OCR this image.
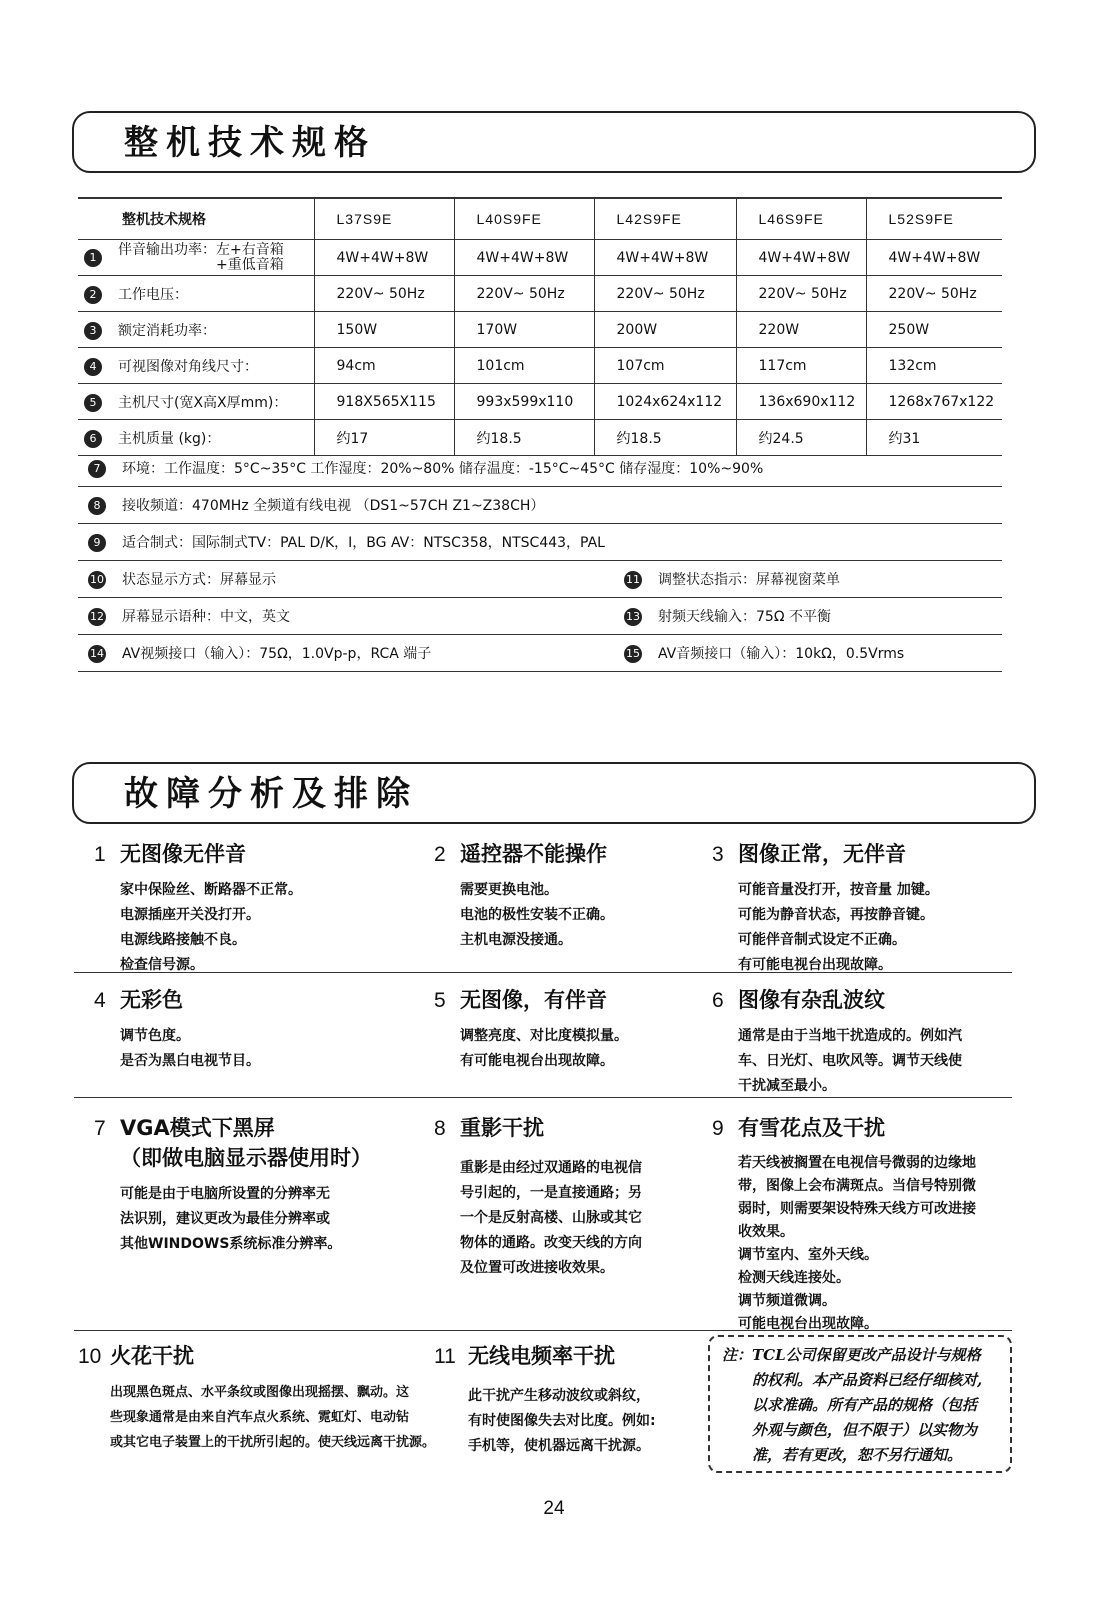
整机技术规格
整机技术规格	L37S9E	L40S9FE	L42S9FE	L46S9FE	L52S9FE
1 伴音输出功率：左+右音箱
+重低音箱	4W+4W+8W	4W+4W+8W	4W+4W+8W	4W+4W+8W	4W+4W+8W
2 工作电压：	220V~ 50Hz	220V~ 50Hz	220V~ 50Hz	220V~ 50Hz	220V~ 50Hz
3 额定消耗功率：	150W	170W	200W	220W	250W
4 可视图像对角线尺寸：	94cm	101cm	107cm	117cm	132cm
5 主机尺寸(宽X高X厚mm)：	918X565X115	993x599x110	1024x624x112	136x690x112	1268x767x122
6 主机质量 (kg)：	约17	约18.5	约18.5	约24.5	约31
7 环境：工作温度：5°C~35°C 工作湿度：20%~80% 储存温度：-15°C~45°C 储存湿度：10%~90%
8 接收频道：470MHz 全频道有线电视 （DS1~57CH Z1~Z38CH）
9 适合制式：国际制式TV：PAL D/K，I，BG AV：NTSC358，NTSC443，PAL
10 状态显示方式：屏幕显示	11 调整状态指示：屏幕视窗菜单
12 屏幕显示语种：中文，英文	13 射频天线输入：75Ω 不平衡
14 AV视频接口（输入）：75Ω，1.0Vp-p，RCA 端子	15 AV音频接口（输入）：10kΩ，0.5Vrms
故障分析及排除
1 无图像无伴音
家中保险丝、断路器不正常。
电源插座开关没打开。
电源线路接触不良。
检查信号源。
2 遥控器不能操作
需要更换电池。
电池的极性安装不正确。
主机电源没接通。
3 图像正常，无伴音
可能音量没打开，按音量 加键。
可能为静音状态，再按静音键。
可能伴音制式设定不正确。
有可能电视台出现故障。
4 无彩色
调节色度。
是否为黑白电视节目。
5 无图像，有伴音
调整亮度、对比度模拟量。
有可能电视台出现故障。
6 图像有杂乱波纹
通常是由于当地干扰造成的。例如汽
车、日光灯、电吹风等。调节天线使
干扰减至最小。
7 VGA模式下黑屏
（即做电脑显示器使用时）
可能是由于电脑所设置的分辨率无
法识别，建议更改为最佳分辨率或
其他WINDOWS系统标准分辨率。
8 重影干扰
重影是由经过双通路的电视信
号引起的，一是直接通路；另
一个是反射高楼、山脉或其它
物体的通路。改变天线的方向
及位置可改进接收效果。
9 有雪花点及干扰
若天线被搁置在电视信号微弱的边缘地
带，图像上会布满斑点。当信号特别微
弱时，则需要架设特殊天线方可改进接
收效果。
调节室内、室外天线。
检测天线连接处。
调节频道微调。
可能电视台出现故障。
10 火花干扰
出现黑色斑点、水平条纹或图像出现摇摆、飘动。这
些现象通常是由来自汽车点火系统、霓虹灯、电动钻
或其它电子装置上的干扰所引起的。使天线远离干扰源。
11 无线电频率干扰
此干扰产生移动波纹或斜纹，
有时使图像失去对比度。例如:
手机等，使机器远离干扰源。
注：TCL公司保留更改产品设计与规格
的权利。本产品资料已经仔细核对,
以求准确。所有产品的规格（包括
外观与颜色，但不限于）以实物为
准，若有更改，恕不另行通知。
24
